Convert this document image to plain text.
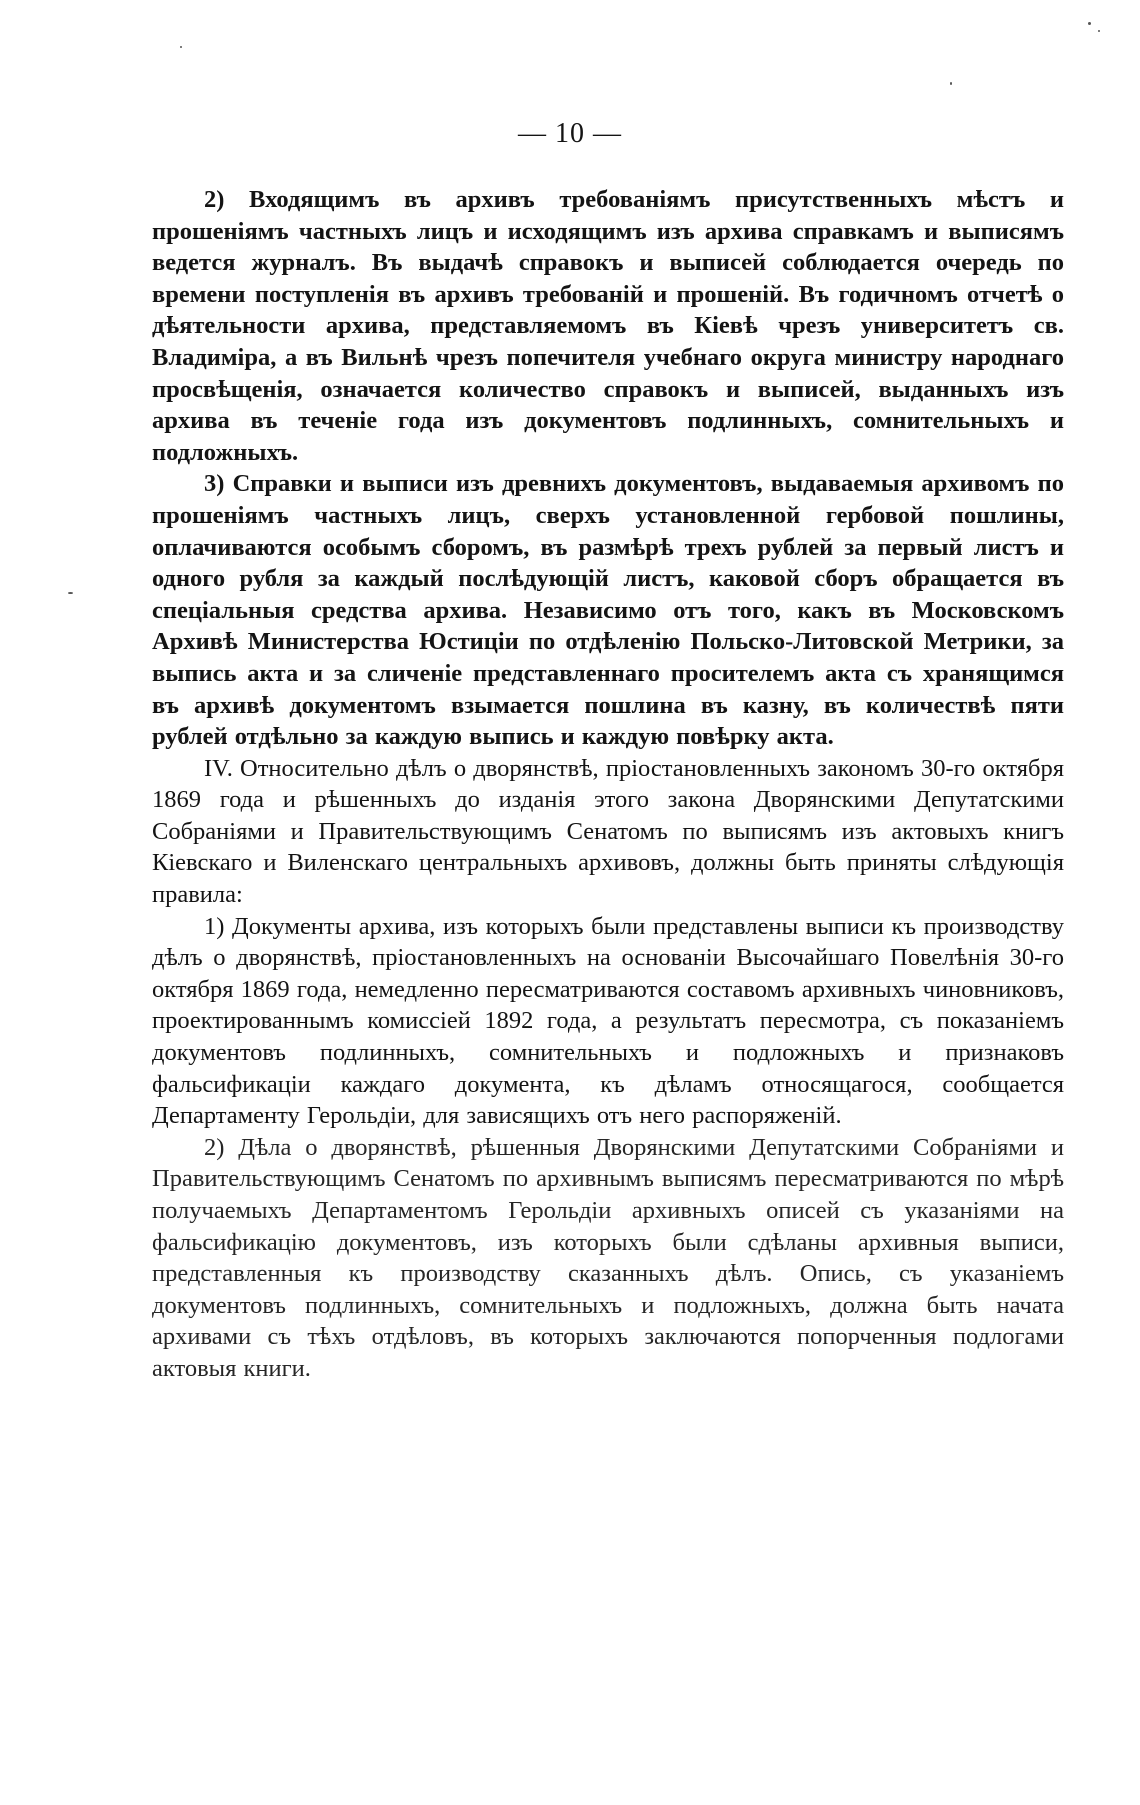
— 10 —

2) Входящимъ въ архивъ требованiямъ присутственныхъ мѣстъ и прошенiямъ частныхъ лицъ и исходящимъ изъ архива справкамъ и выписямъ ведется журналъ. Въ выдачѣ справокъ и выписей соблюдается очередь по времени поступленiя въ архивъ требованiй и прошенiй. Въ годичномъ отчетѣ о дѣятельности архива, представляемомъ въ Кiевѣ чрезъ университетъ св. Владимiра, а въ Вильнѣ чрезъ попечителя учебнаго округа министру народнаго просвѣщенiя, означается количество справокъ и выписей, выданныхъ изъ архива въ теченiе года изъ документовъ подлинныхъ, сомнительныхъ и подложныхъ.

3) Справки и выписи изъ древнихъ документовъ, выдаваемыя архивомъ по прошенiямъ частныхъ лицъ, сверхъ установленной гербовой пошлины, оплачиваются особымъ сборомъ, въ размѣрѣ трехъ рублей за первый листъ и одного рубля за каждый послѣдующiй листъ, каковой сборъ обращается въ спецiальныя средства архива. Независимо отъ того, какъ въ Московскомъ Архивѣ Министерства Юстицiи по отдѣленiю Польско-Литовской Метрики, за выпись акта и за сличенiе представленнаго просителемъ акта съ хранящимся въ архивѣ документомъ взымается пошлина въ казну, въ количествѣ пяти рублей отдѣльно за каждую выпись и каждую повѣрку акта.

IV. Относительно дѣлъ о дворянствѣ, прiостановленныхъ закономъ 30-го октября 1869 года и рѣшенныхъ до изданiя этого закона Дворянскими Депутатскими Собранiями и Правительствующимъ Сенатомъ по выписямъ изъ актовыхъ книгъ Кiевскаго и Виленскаго центральныхъ архивовъ, должны быть приняты слѣдующiя правила:

1) Документы архива, изъ которыхъ были представлены выписи къ производству дѣлъ о дворянствѣ, прiостановленныхъ на основанiи Высочайшаго Повелѣнiя 30-го октября 1869 года, немедленно пересматриваются составомъ архивныхъ чиновниковъ, проектированнымъ комиссiей 1892 года, а результатъ пересмотра, съ показанiемъ документовъ подлинныхъ, сомнительныхъ и подложныхъ и признаковъ фальсификацiи каждаго документа, къ дѣламъ относящагося, сообщается Департаменту Герольдiи, для зависящихъ отъ него распоряженiй.

2) Дѣла о дворянствѣ, рѣшенныя Дворянскими Депутатскими Собранiями и Правительствующимъ Сенатомъ по архивнымъ выписямъ пересматриваются по мѣрѣ получаемыхъ Департаментомъ Герольдiи архивныхъ описей съ указанiями на фальсификацiю документовъ, изъ которыхъ были сдѣланы архивныя выписи, представленныя къ производству сказанныхъ дѣлъ. Опись, съ указанiемъ документовъ подлинныхъ, сомнительныхъ и подложныхъ, должна быть начата архивами съ тѣхъ отдѣловъ, въ которыхъ заключаются попорченныя подлогами актовыя книги.
